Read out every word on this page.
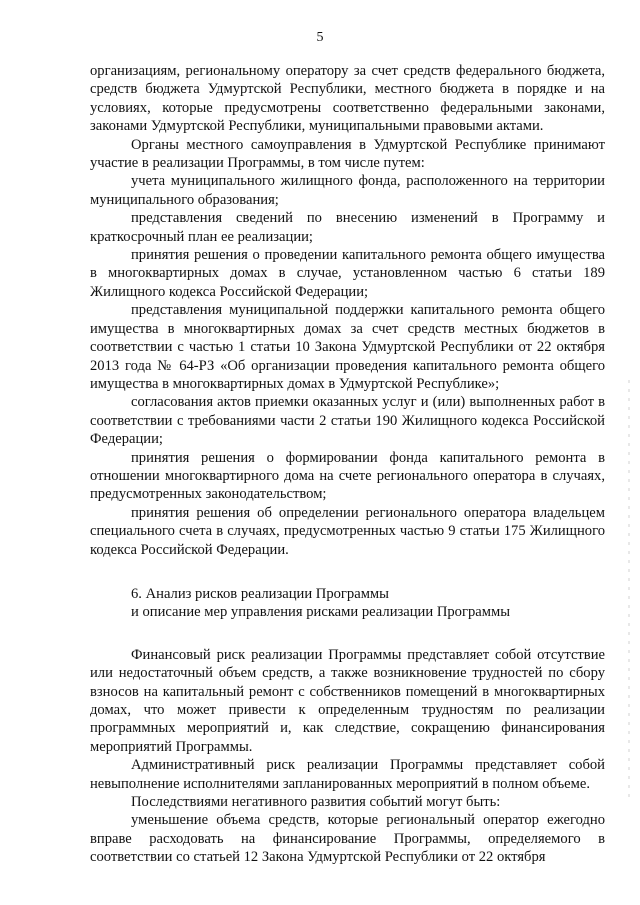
5

организациям, региональному оператору за счет средств федерального бюджета, средств бюджета Удмуртской Республики, местного бюджета в порядке и на условиях, которые предусмотрены соответственно федеральными законами, законами Удмуртской Республики, муниципальными правовыми актами.

Органы местного самоуправления в Удмуртской Республике принимают участие в реализации Программы, в том числе путем:

учета муниципального жилищного фонда, расположенного на территории муниципального образования;

представления сведений по внесению изменений в Программу и краткосрочный план ее реализации;

принятия решения о проведении капитального ремонта общего имущества в многоквартирных домах в случае, установленном частью 6 статьи 189 Жилищного кодекса Российской Федерации;

представления муниципальной поддержки капитального ремонта общего имущества в многоквартирных домах за счет средств местных бюджетов в соответствии с частью 1 статьи 10 Закона Удмуртской Республики от 22 октября 2013 года № 64-РЗ «Об организации проведения капитального ремонта общего имущества в многоквартирных домах в Удмуртской Республике»;

согласования актов приемки оказанных услуг и (или) выполненных работ в соответствии с требованиями части 2 статьи 190 Жилищного кодекса Российской Федерации;

принятия решения о формировании фонда капитального ремонта в отношении многоквартирного дома на счете регионального оператора в случаях, предусмотренных законодательством;

принятия решения об определении регионального оператора владельцем специального счета в случаях, предусмотренных частью 9 статьи 175 Жилищного кодекса Российской Федерации.

6. Анализ рисков реализации Программы

и описание мер управления рисками реализации Программы

Финансовый риск реализации Программы представляет собой отсутствие или недостаточный объем средств, а также возникновение трудностей по сбору взносов на капитальный ремонт с собственников помещений в многоквартирных домах, что может привести к определенным трудностям по реализации программных мероприятий и, как следствие, сокращению финансирования мероприятий Программы.

Административный риск реализации Программы представляет собой невыполнение исполнителями запланированных мероприятий в полном объеме.

Последствиями негативного развития событий могут быть:

уменьшение объема средств, которые региональный оператор ежегодно вправе расходовать на финансирование Программы, определяемого в соответствии со статьей 12 Закона Удмуртской Республики от 22 октября
